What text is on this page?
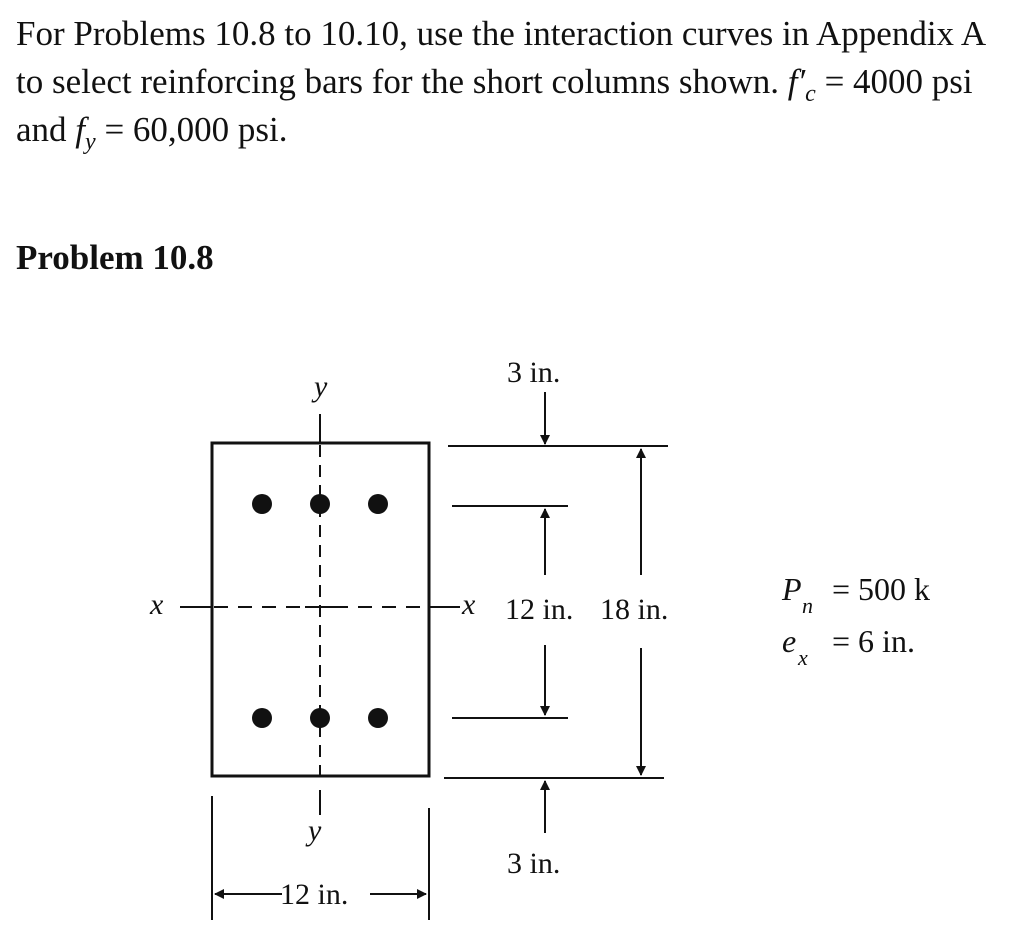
For Problems 10.8 to 10.10, use the interaction curves in Appendix A to select reinforcing bars for the short columns shown. $f'_c = 4000$ psi and $f_y = 60,000$ psi.

Problem 10.8
y
y
x	x
3 in.
12 in. 18 in.
3 in.
12 in.
P n = 500 k
e x = 6 in.
